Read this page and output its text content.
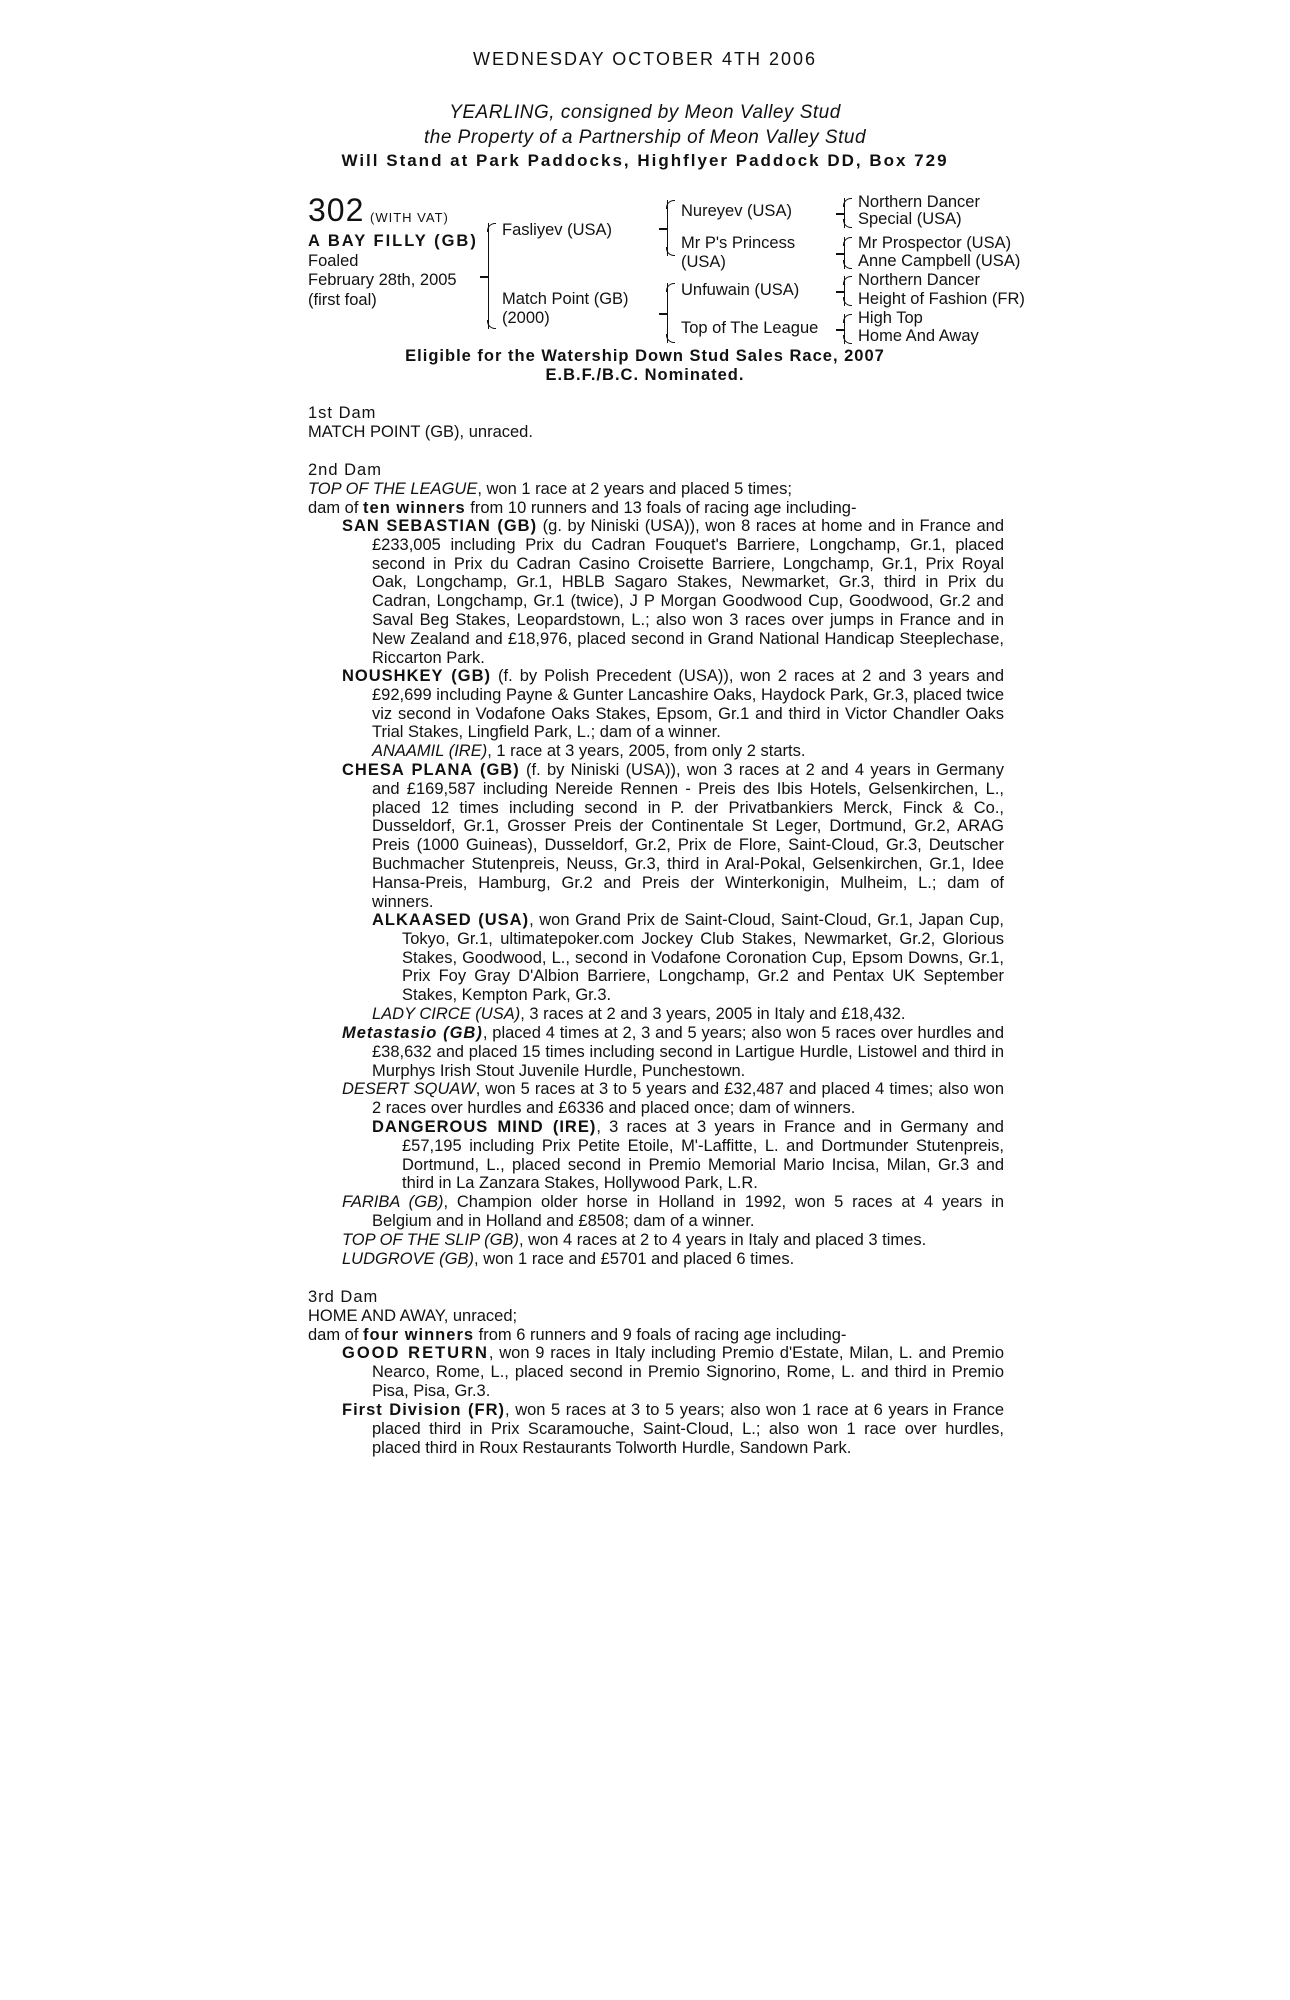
WEDNESDAY OCTOBER 4TH 2006
YEARLING, consigned by Meon Valley Stud
the Property of a Partnership of Meon Valley Stud
Will Stand at Park Paddocks, Highflyer Paddock DD, Box 729
302 (WITH VAT)
A BAY FILLY (GB)
Foaled
February 28th, 2005
(first foal)
Fasliyev (USA)
Match Point (GB)
(2000)
Nureyev (USA)
Mr P's Princess
(USA)
Unfuwain (USA)
Top of The League
Northern Dancer
Special (USA)
Mr Prospector (USA)
Anne Campbell (USA)
Northern Dancer
Height of Fashion (FR)
High Top
Home And Away
Eligible for the Watership Down Stud Sales Race, 2007
E.B.F./B.C. Nominated.
1st Dam
MATCH POINT (GB), unraced.
2nd Dam
TOP OF THE LEAGUE, won 1 race at 2 years and placed 5 times;
dam of ten winners from 10 runners and 13 foals of racing age including-

SAN SEBASTIAN (GB) (g. by Niniski (USA)), won 8 races at home and in France and £233,005 including Prix du Cadran Fouquet's Barriere, Longchamp, Gr.1, placed second in Prix du Cadran Casino Croisette Barriere, Longchamp, Gr.1, Prix Royal Oak, Longchamp, Gr.1, HBLB Sagaro Stakes, Newmarket, Gr.3, third in Prix du Cadran, Longchamp, Gr.1 (twice), J P Morgan Goodwood Cup, Goodwood, Gr.2 and Saval Beg Stakes, Leopardstown, L.; also won 3 races over jumps in France and in New Zealand and £18,976, placed second in Grand National Handicap Steeplechase, Riccarton Park.

NOUSHKEY (GB) (f. by Polish Precedent (USA)), won 2 races at 2 and 3 years and £92,699 including Payne & Gunter Lancashire Oaks, Haydock Park, Gr.3, placed twice viz second in Vodafone Oaks Stakes, Epsom, Gr.1 and third in Victor Chandler Oaks Trial Stakes, Lingfield Park, L.; dam of a winner.

ANAAMIL (IRE), 1 race at 3 years, 2005, from only 2 starts.

CHESA PLANA (GB) (f. by Niniski (USA)), won 3 races at 2 and 4 years in Germany and £169,587 including Nereide Rennen - Preis des Ibis Hotels, Gelsenkirchen, L., placed 12 times including second in P. der Privatbankiers Merck, Finck & Co., Dusseldorf, Gr.1, Grosser Preis der Continentale St Leger, Dortmund, Gr.2, ARAG Preis (1000 Guineas), Dusseldorf, Gr.2, Prix de Flore, Saint-Cloud, Gr.3, Deutscher Buchmacher Stutenpreis, Neuss, Gr.3, third in Aral-Pokal, Gelsenkirchen, Gr.1, Idee Hansa-Preis, Hamburg, Gr.2 and Preis der Winterkonigin, Mulheim, L.; dam of winners.

ALKAASED (USA), won Grand Prix de Saint-Cloud, Saint-Cloud, Gr.1, Japan Cup, Tokyo, Gr.1, ultimatepoker.com Jockey Club Stakes, Newmarket, Gr.2, Glorious Stakes, Goodwood, L., second in Vodafone Coronation Cup, Epsom Downs, Gr.1, Prix Foy Gray D'Albion Barriere, Longchamp, Gr.2 and Pentax UK September Stakes, Kempton Park, Gr.3.

LADY CIRCE (USA), 3 races at 2 and 3 years, 2005 in Italy and £18,432.

Metastasio (GB), placed 4 times at 2, 3 and 5 years; also won 5 races over hurdles and £38,632 and placed 15 times including second in Lartigue Hurdle, Listowel and third in Murphys Irish Stout Juvenile Hurdle, Punchestown.

DESERT SQUAW, won 5 races at 3 to 5 years and £32,487 and placed 4 times; also won 2 races over hurdles and £6336 and placed once; dam of winners.

DANGEROUS MIND (IRE), 3 races at 3 years in France and in Germany and £57,195 including Prix Petite Etoile, M'-Laffitte, L. and Dortmunder Stutenpreis, Dortmund, L., placed second in Premio Memorial Mario Incisa, Milan, Gr.3 and third in La Zanzara Stakes, Hollywood Park, L.R.

FARIBA (GB), Champion older horse in Holland in 1992, won 5 races at 4 years in Belgium and in Holland and £8508; dam of a winner.

TOP OF THE SLIP (GB), won 4 races at 2 to 4 years in Italy and placed 3 times.
LUDGROVE (GB), won 1 race and £5701 and placed 6 times.
3rd Dam
HOME AND AWAY, unraced;
dam of four winners from 6 runners and 9 foals of racing age including-

GOOD RETURN, won 9 races in Italy including Premio d'Estate, Milan, L. and Premio Nearco, Rome, L., placed second in Premio Signorino, Rome, L. and third in Premio Pisa, Pisa, Gr.3.

First Division (FR), won 5 races at 3 to 5 years; also won 1 race at 6 years in France placed third in Prix Scaramouche, Saint-Cloud, L.; also won 1 race over hurdles, placed third in Roux Restaurants Tolworth Hurdle, Sandown Park.
